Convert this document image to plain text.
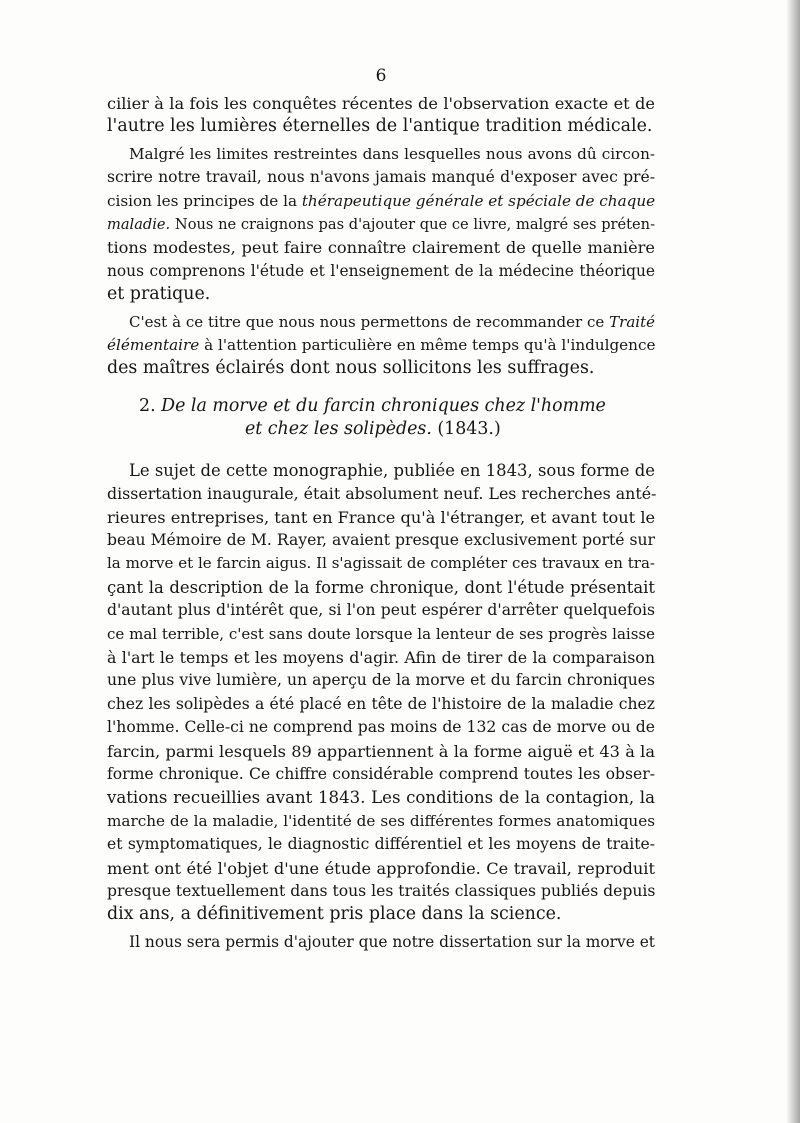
6
cilier à la fois les conquêtes récentes de l'observation exacte et de
l'autre les lumières éternelles de l'antique tradition médicale.
Malgré les limites restreintes dans lesquelles nous avons dû circon-
scrire notre travail, nous n'avons jamais manqué d'exposer avec pré-
cision les principes de la thérapeutique générale et spéciale de chaque
maladie. Nous ne craignons pas d'ajouter que ce livre, malgré ses préten-
tions modestes, peut faire connaître clairement de quelle manière
nous comprenons l'étude et l'enseignement de la médecine théorique
et pratique.
C'est à ce titre que nous nous permettons de recommander ce Traité
élémentaire à l'attention particulière en même temps qu'à l'indulgence
des maîtres éclairés dont nous sollicitons les suffrages.
2. De la morve et du farcin chroniques chez l'homme
et chez les solipèdes. (1843.)
Le sujet de cette monographie, publiée en 1843, sous forme de
dissertation inaugurale, était absolument neuf. Les recherches anté-
rieures entreprises, tant en France qu'à l'étranger, et avant tout le
beau Mémoire de M. Rayer, avaient presque exclusivement porté sur
la morve et le farcin aigus. Il s'agissait de compléter ces travaux en tra-
çant la description de la forme chronique, dont l'étude présentait
d'autant plus d'intérêt que, si l'on peut espérer d'arrêter quelquefois
ce mal terrible, c'est sans doute lorsque la lenteur de ses progrès laisse
à l'art le temps et les moyens d'agir. Afin de tirer de la comparaison
une plus vive lumière, un aperçu de la morve et du farcin chroniques
chez les solipèdes a été placé en tête de l'histoire de la maladie chez
l'homme. Celle-ci ne comprend pas moins de 132 cas de morve ou de
farcin, parmi lesquels 89 appartiennent à la forme aiguë et 43 à la
forme chronique. Ce chiffre considérable comprend toutes les obser-
vations recueillies avant 1843. Les conditions de la contagion, la
marche de la maladie, l'identité de ses différentes formes anatomiques
et symptomatiques, le diagnostic différentiel et les moyens de traite-
ment ont été l'objet d'une étude approfondie. Ce travail, reproduit
presque textuellement dans tous les traités classiques publiés depuis
dix ans, a définitivement pris place dans la science.
Il nous sera permis d'ajouter que notre dissertation sur la morve et
